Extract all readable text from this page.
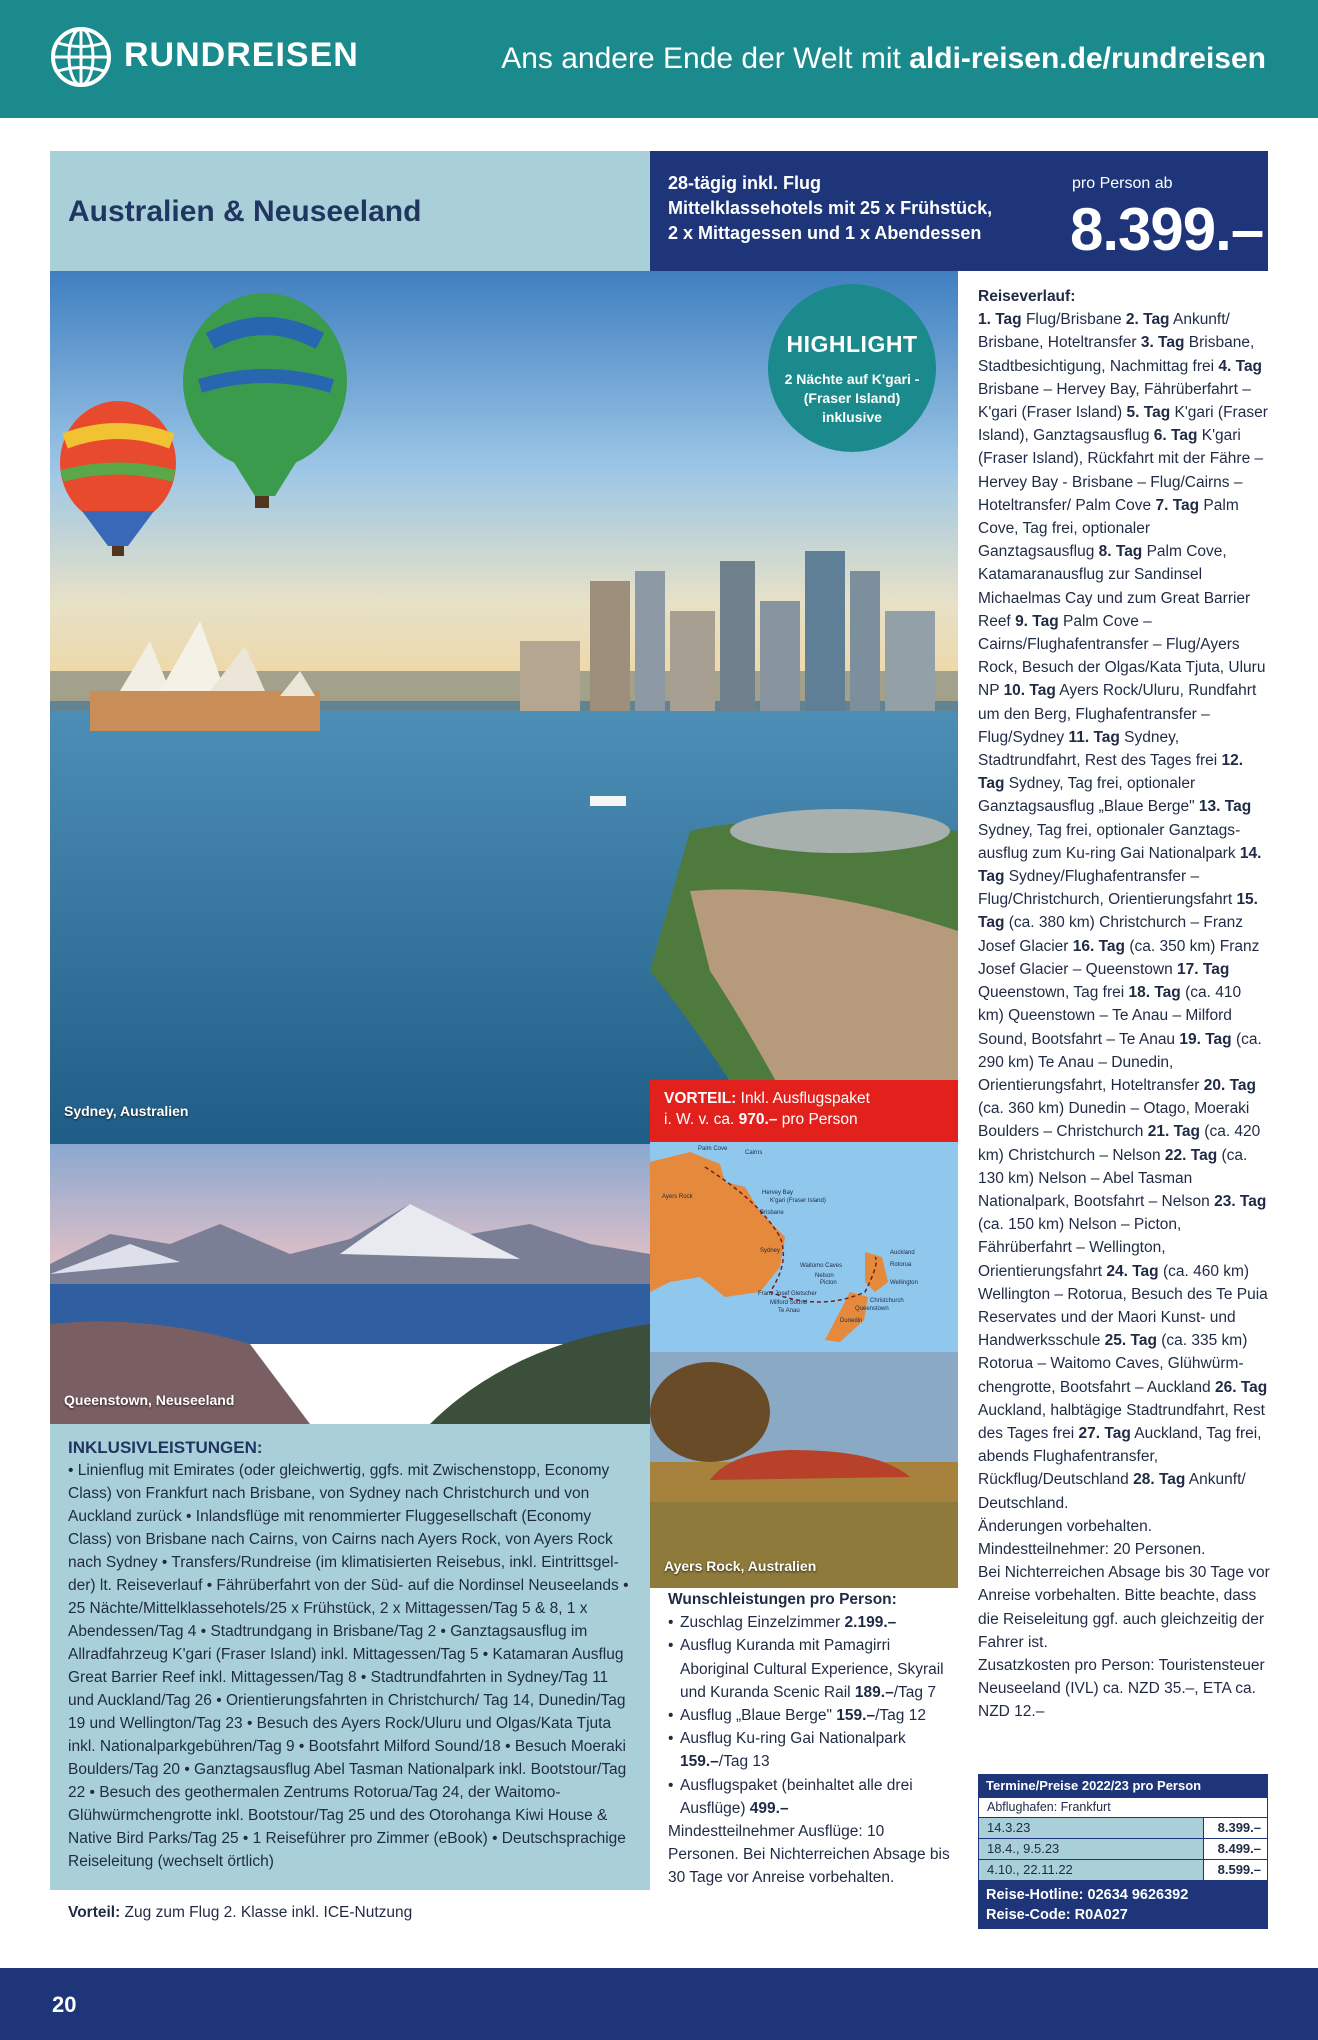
RUNDREISEN	Ans andere Ende der Welt mit aldi-reisen.de/rundreisen
Australien & Neuseeland
28-tägig inkl. Flug
Mittelklassehotels mit 25 x Frühstück,
2 x Mittagessen und 1 x Abendessen
pro Person ab
8.399.–
Sydney, Australien
HIGHLIGHT
2 Nächte auf K'gari - (Fraser Island) inklusive
Reiseverlauf:
1. Tag Flug/Brisbane 2. Tag Ankunft/ Brisbane, Hoteltransfer 3. Tag Brisbane, Stadtbesichtigung, Nachmittag frei 4. Tag Brisbane – Hervey Bay, Fährüberfahrt – K'gari (Fraser Island) 5. Tag K'gari (Fraser Island), Ganztagsausflug 6. Tag K'gari (Fraser Island), Rückfahrt mit der Fähre – Hervey Bay - Brisbane – Flug/Cairns – Hoteltransfer/ Palm Cove 7. Tag Palm Cove, Tag frei, optionaler Ganztagsausflug 8. Tag Palm Cove, Katamaranausflug zur Sandinsel Michaelmas Cay und zum Great Barrier Reef 9. Tag Palm Cove – Cairns/Flughafentransfer – Flug/Ayers Rock, Besuch der Olgas/Kata Tjuta, Uluru NP 10. Tag Ayers Rock/Uluru, Rundfahrt um den Berg, Flughafentransfer – Flug/Sydney 11. Tag Sydney, Stadtrundfahrt, Rest des Tages frei 12. Tag Sydney, Tag frei, optionaler Ganztagsausflug „Blaue Berge" 13. Tag Sydney, Tag frei, optionaler Ganztagsausflug zum Ku-ring Gai Nationalpark 14. Tag Sydney/Flughafentransfer – Flug/Christchurch, Orientierungsfahrt 15. Tag (ca. 380 km) Christchurch – Franz Josef Glacier 16. Tag (ca. 350 km) Franz Josef Glacier – Queenstown 17. Tag Queenstown, Tag frei 18. Tag (ca. 410 km) Queenstown – Te Anau – Milford Sound, Bootsfahrt – Te Anau 19. Tag (ca. 290 km) Te Anau – Dunedin, Orientierungsfahrt, Hoteltransfer 20. Tag (ca. 360 km) Dunedin – Otago, Moeraki Boulders – Christchurch 21. Tag (ca. 420 km) Christchurch – Nelson 22. Tag (ca. 130 km) Nelson – Abel Tasman Nationalpark, Bootsfahrt – Nelson 23. Tag (ca. 150 km) Nelson – Picton, Fährüberfahrt – Wellington, Orientierungsfahrt 24. Tag (ca. 460 km) Wellington – Rotorua, Besuch des Te Puia Reservates und der Maori Kunst- und Handwerksschule 25. Tag (ca. 335 km) Rotorua – Waitomo Caves, Glühwürmchengrotte, Bootsfahrt – Auckland 26. Tag Auckland, halbtägige Stadtrundfahrt, Rest des Tages frei 27. Tag Auckland, Tag frei, abends Flughafentransfer, Rückflug/Deutschland 28. Tag Ankunft/ Deutschland.
Änderungen vorbehalten.
Mindestteilnehmer: 20 Personen.
Bei Nichterreichen Absage bis 30 Tage vor Anreise vorbehalten. Bitte beachte, dass die Reiseleitung ggf. auch gleichzeitig der Fahrer ist.
Zusatzkosten pro Person: Touristensteuer Neuseeland (IVL) ca. NZD 35.–, ETA ca. NZD 12.–
Queenstown, Neuseeland
VORTEIL: Inkl. Ausflugspaket
i. W. v. ca. 970.– pro Person
Cairns
Palm Cove
Hervey Bay
K'gari (Fraser Island)
Brisbane
Ayers Rock
Sydney	Auckland
Waitomo Caves	Rotorua
Wellington
Nelson
Picton
Franz Josef Gletscher
Christchurch
Milford Sound
Te Anau	Queenstown
Dunedin
Ayers Rock, Australien
INKLUSIVLEISTUNGEN:
• Linienflug mit Emirates (oder gleichwertig, ggfs. mit Zwischenstopp, Economy Class) von Frankfurt nach Brisbane, von Sydney nach Christchurch und von Auckland zurück • Inlandsflüge mit renommierter Fluggesellschaft (Economy Class) von Brisbane nach Cairns, von Cairns nach Ayers Rock, von Ayers Rock nach Sydney • Transfers/Rundreise (im klimatisierten Reisebus, inkl. Eintrittsgelder) lt. Reiseverlauf • Fährüberfahrt von der Süd- auf die Nordinsel Neuseelands • 25 Nächte/Mittelklassehotels/25 x Frühstück, 2 x Mittagessen/Tag 5 & 8, 1 x Abendessen/Tag 4 • Stadtrundgang in Brisbane/Tag 2 • Ganztagsausflug im Allradfahrzeug K'gari (Fraser Island) inkl. Mittagessen/Tag 5 • Katamaran Ausflug Great Barrier Reef inkl. Mittagessen/Tag 8 • Stadtrundfahrten in Sydney/Tag 11 und Auckland/Tag 26 • Orientierungsfahrten in Christchurch/ Tag 14, Dunedin/Tag 19 und Wellington/Tag 23 • Besuch des Ayers Rock/Uluru und Olgas/Kata Tjuta inkl. Nationalparkgebühren/Tag 9 • Bootsfahrt Milford Sound/18 • Besuch Moeraki Boulders/Tag 20 • Ganztagsausflug Abel Tasman Nationalpark inkl. Bootstour/Tag 22 • Besuch des geothermalen Zentrums Rotorua/Tag 24, der Waitomo-Glühwürmchengrotte inkl. Bootstour/Tag 25 und des Otorohanga Kiwi House & Native Bird Parks/Tag 25 • 1 Reiseführer pro Zimmer (eBook) • Deutschsprachige Reiseleitung (wechselt örtlich)
Vorteil: Zug zum Flug 2. Klasse inkl. ICE-Nutzung
Wunschleistungen pro Person:
• Zuschlag Einzelzimmer 2.199.–
• Ausflug Kuranda mit Pamagirri Aboriginal Cultural Experience, Skyrail und Kuranda Scenic Rail 189.–/Tag 7
• Ausflug „Blaue Berge" 159.–/Tag 12
• Ausflug Ku-ring Gai Nationalpark 159.–/Tag 13
• Ausflugspaket (beinhaltet alle drei Ausflüge) 499.–
Mindestteilnehmer Ausflüge: 10 Personen. Bei Nichterreichen Absage bis 30 Tage vor Anreise vorbehalten.
Termine/Preise 2022/23 pro Person
Abflughafen: Frankfurt
14.3.23	8.399.–
18.4., 9.5.23	8.499.–
4.10., 22.11.22	8.599.–
Reise-Hotline: 02634 9626392
Reise-Code: R0A027
20
